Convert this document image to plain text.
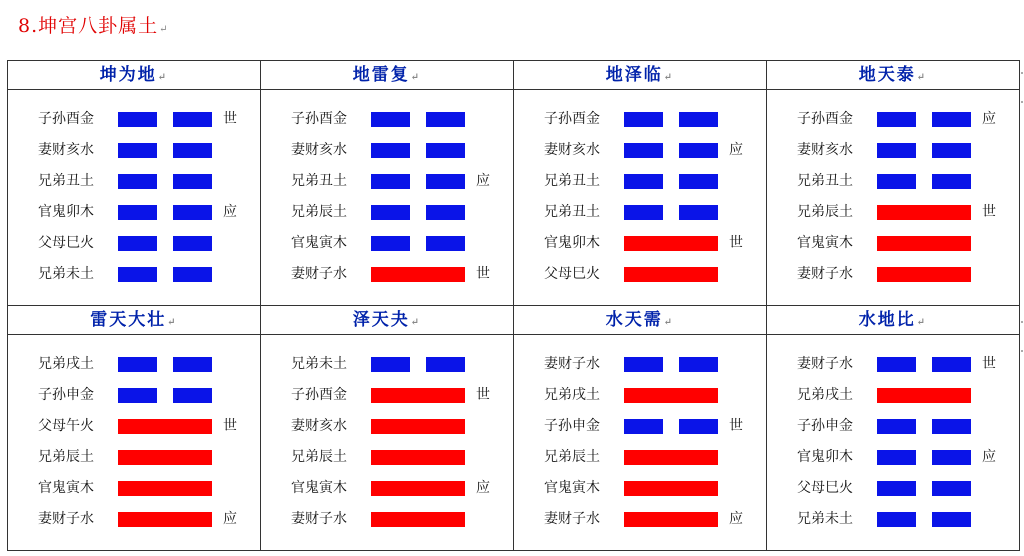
8.坤宫八卦属土↵
坤为地↵
子孙酉金	世
妻财亥水
兄弟丑土
官鬼卯木	应
父母巳火
兄弟未土
地雷复↵
子孙酉金
妻财亥水
兄弟丑土	应
兄弟辰土
官鬼寅木
妻财子水	世
地泽临↵
子孙酉金
妻财亥水	应
兄弟丑土
兄弟丑土
官鬼卯木	世
父母巳火
地天泰↵
子孙酉金	应
妻财亥水
兄弟丑土
兄弟辰土	世
官鬼寅木
妻财子水
雷天大壮↵
兄弟戌土
子孙申金
父母午火	世
兄弟辰土
官鬼寅木
妻财子水	应
泽天夬↵
兄弟未土
子孙酉金	世
妻财亥水
兄弟辰土
官鬼寅木	应
妻财子水
水天需↵
妻财子水
兄弟戌土
子孙申金	世
兄弟辰土
官鬼寅木
妻财子水	应
水地比↵
妻财子水	世
兄弟戌土
子孙申金
官鬼卯木	应
父母巳火
兄弟未土
